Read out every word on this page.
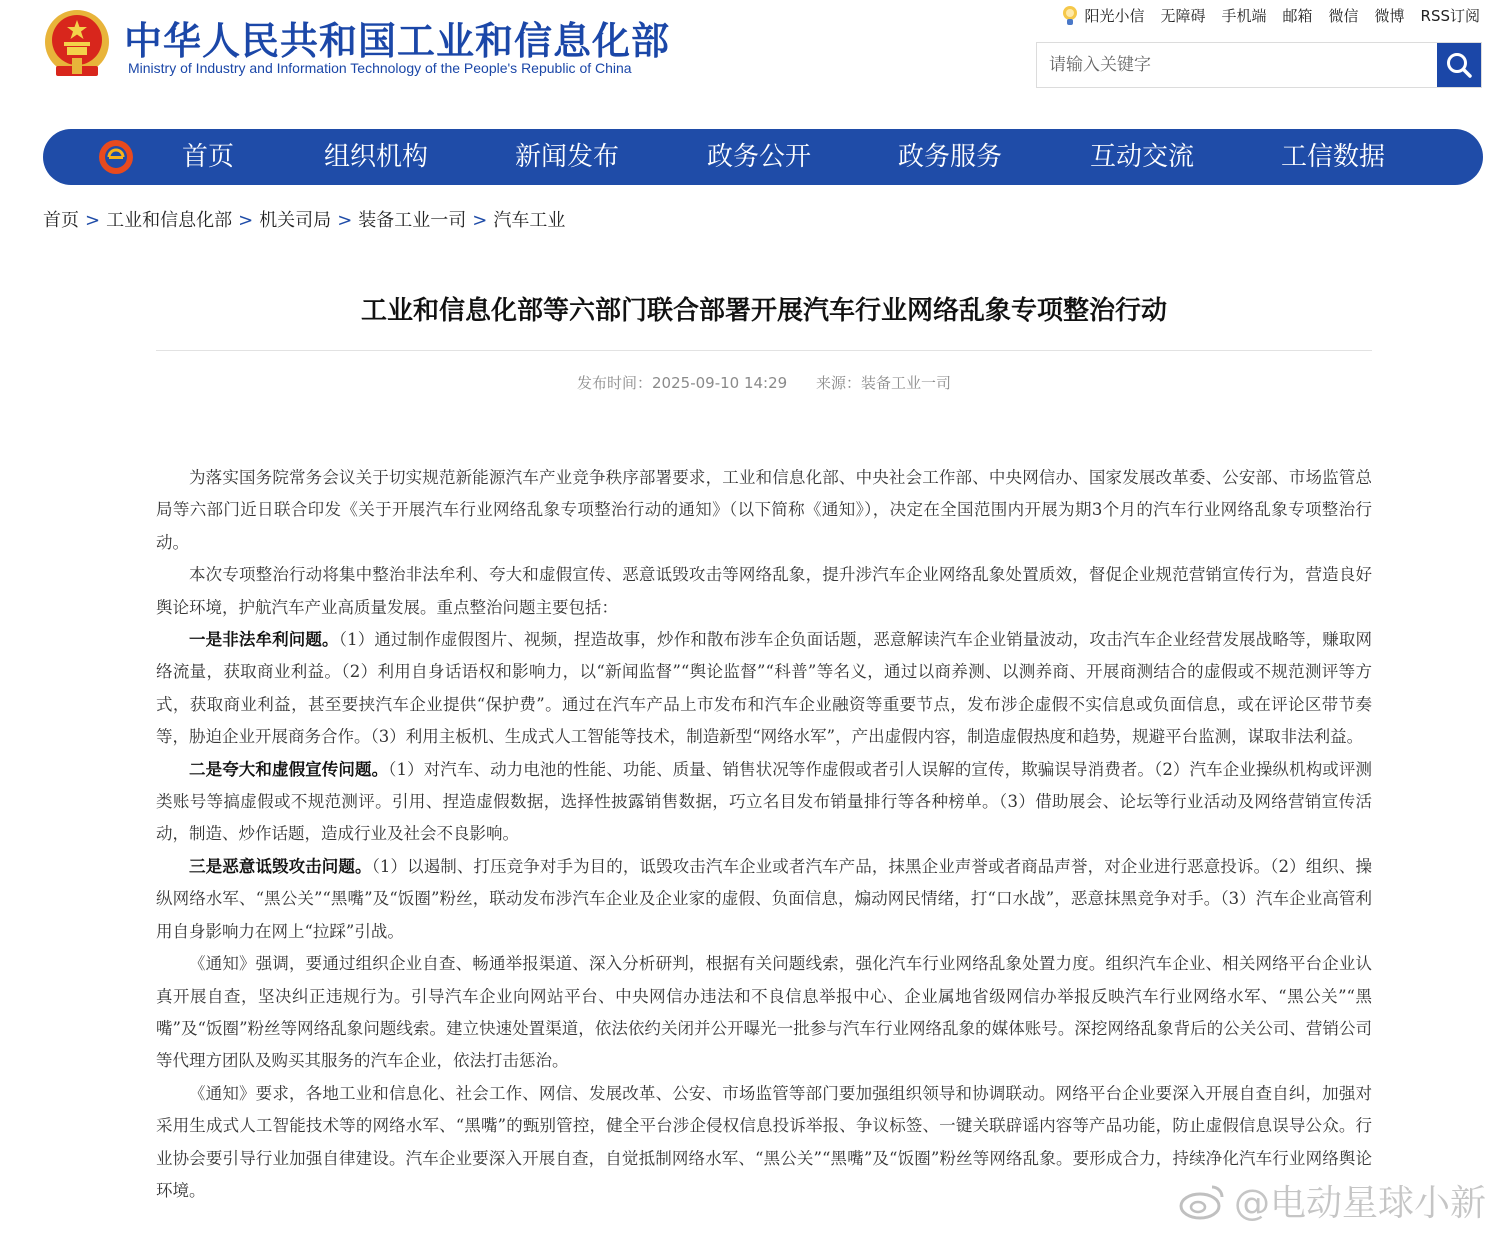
中华人民共和国工业和信息化部
Ministry of Industry and Information Technology of the People's Republic of China
阳光小信 无障碍 手机端 邮箱 微信 微博 RSS订阅
请输入关键字
首页	组织机构	新闻发布	政务公开	政务服务	互动交流	工信数据
首页 > 工业和信息化部 > 机关司局 > 装备工业一司 > 汽车工业
工业和信息化部等六部门联合部署开展汽车行业网络乱象专项整治行动
发布时间：2025-09-10 14:29 来源：装备工业一司

为落实国务院常务会议关于切实规范新能源汽车产业竞争秩序部署要求，工业和信息化部、中央社会工作部、中央网信办、国家发展改革委、公安部、市场监管总局等六部门近日联合印发《关于开展汽车行业网络乱象专项整治行动的通知》（以下简称《通知》），决定在全国范围内开展为期3个月的汽车行业网络乱象专项整治行动。

本次专项整治行动将集中整治非法牟利、夸大和虚假宣传、恶意诋毁攻击等网络乱象，提升涉汽车企业网络乱象处置质效，督促企业规范营销宣传行为，营造良好舆论环境，护航汽车产业高质量发展。重点整治问题主要包括：

一是非法牟利问题。（1）通过制作虚假图片、视频，捏造故事，炒作和散布涉车企负面话题，恶意解读汽车企业销量波动，攻击汽车企业经营发展战略等，赚取网络流量，获取商业利益。（2）利用自身话语权和影响力，以“新闻监督”“舆论监督”“科普”等名义，通过以商养测、以测养商、开展商测结合的虚假或不规范测评等方式，获取商业利益，甚至要挟汽车企业提供“保护费”。通过在汽车产品上市发布和汽车企业融资等重要节点，发布涉企虚假不实信息或负面信息，或在评论区带节奏等，胁迫企业开展商务合作。（3）利用主板机、生成式人工智能等技术，制造新型“网络水军”，产出虚假内容，制造虚假热度和趋势，规避平台监测，谋取非法利益。

二是夸大和虚假宣传问题。（1）对汽车、动力电池的性能、功能、质量、销售状况等作虚假或者引人误解的宣传，欺骗误导消费者。（2）汽车企业操纵机构或评测类账号等搞虚假或不规范测评。引用、捏造虚假数据，选择性披露销售数据，巧立名目发布销量排行等各种榜单。（3）借助展会、论坛等行业活动及网络营销宣传活动，制造、炒作话题，造成行业及社会不良影响。

三是恶意诋毁攻击问题。（1）以遏制、打压竞争对手为目的，诋毁攻击汽车企业或者汽车产品，抹黑企业声誉或者商品声誉，对企业进行恶意投诉。（2）组织、操纵网络水军、“黑公关”“黑嘴”及“饭圈”粉丝，联动发布涉汽车企业及企业家的虚假、负面信息，煽动网民情绪，打“口水战”，恶意抹黑竞争对手。（3）汽车企业高管利用自身影响力在网上“拉踩”引战。

《通知》强调，要通过组织企业自查、畅通举报渠道、深入分析研判，根据有关问题线索，强化汽车行业网络乱象处置力度。组织汽车企业、相关网络平台企业认真开展自查，坚决纠正违规行为。引导汽车企业向网站平台、中央网信办违法和不良信息举报中心、企业属地省级网信办举报反映汽车行业网络水军、“黑公关”“黑嘴”及“饭圈”粉丝等网络乱象问题线索。建立快速处置渠道，依法依约关闭并公开曝光一批参与汽车行业网络乱象的媒体账号。深挖网络乱象背后的公关公司、营销公司等代理方团队及购买其服务的汽车企业，依法打击惩治。

《通知》要求，各地工业和信息化、社会工作、网信、发展改革、公安、市场监管等部门要加强组织领导和协调联动。网络平台企业要深入开展自查自纠，加强对采用生成式人工智能技术等的网络水军、“黑嘴”的甄别管控，健全平台涉企侵权信息投诉举报、争议标签、一键关联辟谣内容等产品功能，防止虚假信息误导公众。行业协会要引导行业加强自律建设。汽车企业要深入开展自查，自觉抵制网络水军、“黑公关”“黑嘴”及“饭圈”粉丝等网络乱象。要形成合力，持续净化汽车行业网络舆论环境。	@电动星球小新
